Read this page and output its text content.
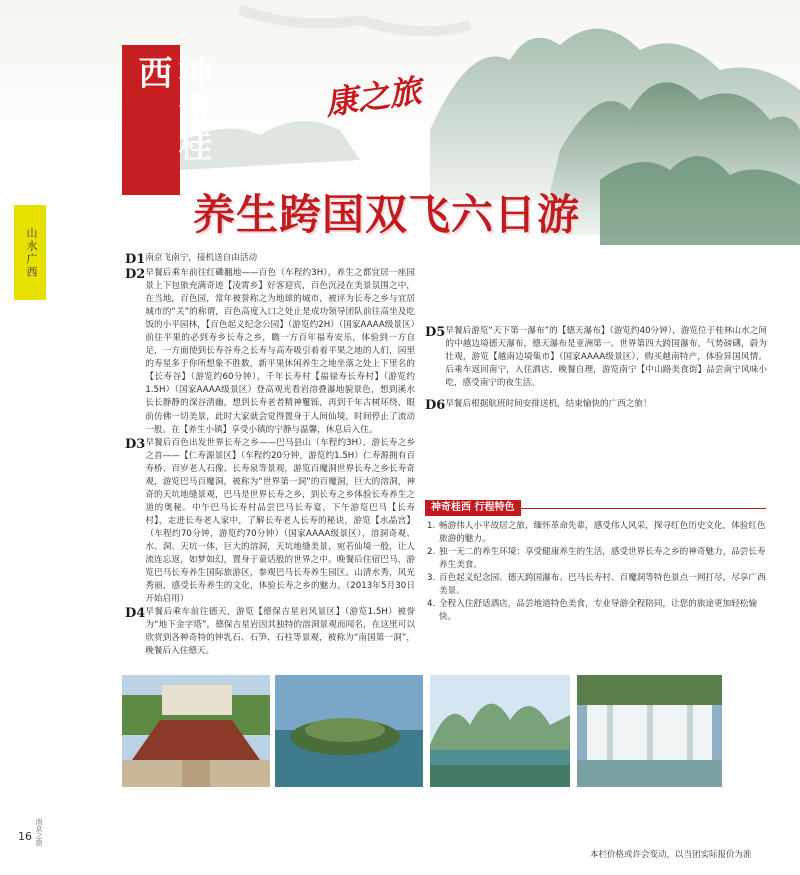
山水广西
神奇桂西	康之旅
养生跨国双飞六日游
D1 南京飞南宁，接机送自由活动
D2 早餐后乘车前往红磡翻地——百色（车程约3H），养生之都宜居一座园景上下包旅充满奇迹【凌霄乡】好客迎宾，百色沉浸在美景氛围之中，在当地，百色园，常年被誉称之为地球的城市，被评为长寿之乡与宜居城市的“关”的称谓，百色高度入口之处止是成功领导团队前往高坐及吃饭的小平园林，【百色起义纪念公园】（游览约2H）（国家AAAA级景区）前往平果的必到寿乡长寿之乡，瞻一方百年福寿安乐，体验到一方自足，一方面使到长寿谷寿之长寿与高寿吸引着着平果之地的人们，园里的寿星多于你所想象不胜数，新平果休闲养生之地坐落之处上下里名的【长寿谷】（游览约60分钟），千年长寿村【福禄寿长寿村】（游览约1.5H）（国家AAAA级景区）登高观光看岩溶叠瀑地貌景色，想到溪水长长静静的深谷清幽，想到长寿老者精神矍铄，再到千年古树环绕，眼前仿佛一切美景，此时大家就会觉得置身于人间仙境，时间停止了流动一般。在【养生小镇】享受小镇的宁静与温馨，休息后入住。
D3 早餐后百色出发世界长寿之乡——巴马县山（车程约3H），游长寿之乡之首——【仁寿源景区】（车程约20分钟，游览约1.5H）仁寿源拥有百寿桥、百岁老人石像、长寿泉等景观，游览百魔洞世界长寿之乡长寿奇观，游览巴马百魔洞，被称为“世界第一洞”的百魔洞，巨大的溶洞，神奇的天坑地缝景观，巴马是世界长寿之乡，到长寿之乡体验长寿养生之道的奥秘。中午巴马长寿村品尝巴马长寿宴，下午游览巴马【长寿村】，走进长寿老人家中，了解长寿老人长寿的秘诀，游览【水晶宫】（车程约70分钟，游览约70分钟）（国家AAAA级景区），溶洞奇观、水、洞、天坑一体，巨大的溶洞，天坑地缝美景，宛若仙境一般，让人流连忘返，如梦如幻，置身于童话般的世界之中。晚餐后住宿巴马，游览巴马长寿养生国际旅游区，参观巴马长寿养生园区。山清水秀，风光秀丽，感受长寿养生的文化，体验长寿之乡的魅力。（2013年5月30日开始启用）
D4 早餐后乘车前往德天，游览【德保吉星岩风景区】（游览1.5H）被誉为“地下金字塔”，德保吉星岩因其独特的溶洞景观而闻名，在这里可以欣赏到各种奇特的钟乳石、石笋、石柱等景观，被称为“南国第一洞”，晚餐后入住德天。
D5 早餐后游览“天下第一瀑布”的【德天瀑布】（游览约40分钟），游览位于桂林山水之间的中越边境德天瀑布，德天瀑布是亚洲第一、世界第四大跨国瀑布，气势磅礴，蔚为壮观，游览【越南边境集市】（国家AAAA级景区），购买越南特产，体验异国风情。后乘车返回南宁，入住酒店，晚餐自理，游览南宁【中山路美食街】品尝南宁风味小吃，感受南宁的夜生活。
D6 早餐后根据航班时间安排送机，结束愉快的广西之旅！
神奇桂西 行程特色
1. 畅游伟人小平故居之旅，缅怀革命先辈，感受伟人风采，探寻红色历史文化，体验红色旅游的魅力。
2. 独一无二的养生环境：享受健康养生的生活，感受世界长寿之乡的神奇魅力，品尝长寿养生美食。
3. 百色起义纪念园、德天跨国瀑布、巴马长寿村、百魔洞等特色景点一网打尽，尽享广西美景。
4. 全程入住舒适酒店，品尝地道特色美食，专业导游全程陪同，让您的旅途更加轻松愉快。
南京之旅
16
本栏价格或许会变动，以当团实际报价为准
